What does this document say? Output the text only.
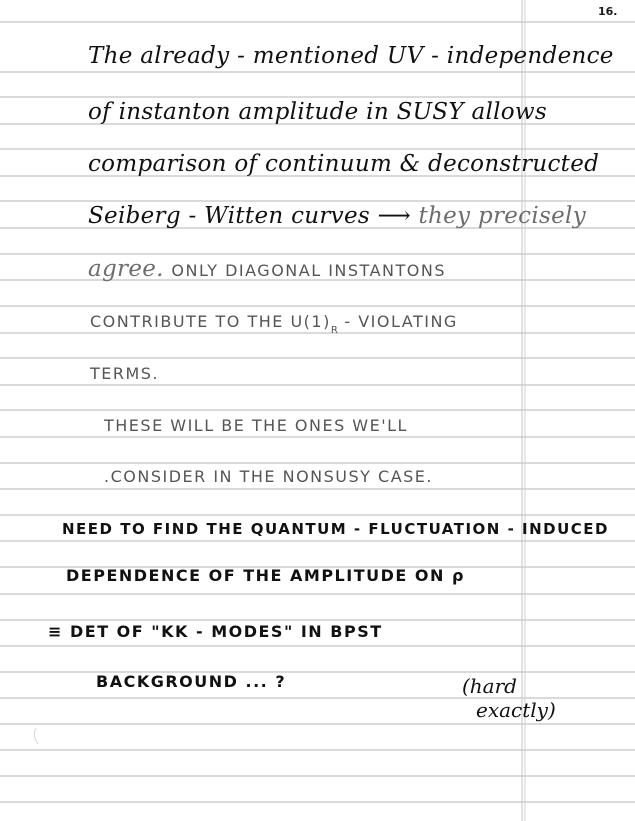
16.
The already - mentioned UV - independence
of instanton amplitude in SUSY allows
comparison of continuum & deconstructed
Seiberg - Witten curves ⟶ they precisely
agree. ONLY DIAGONAL INSTANTONS
CONTRIBUTE TO THE $U(1)_R$ - VIOLATING
TERMS.
THESE WILL BE THE ONES WE'LL
.CONSIDER IN THE NONSUSY CASE.
NEED TO FIND THE QUANTUM - FLUCTUATION - INDUCED
DEPENDENCE OF THE AMPLITUDE ON ρ
≡ DET OF "KK - MODES" IN BPST
BACKGROUND ... ?	(hard
exactly)
